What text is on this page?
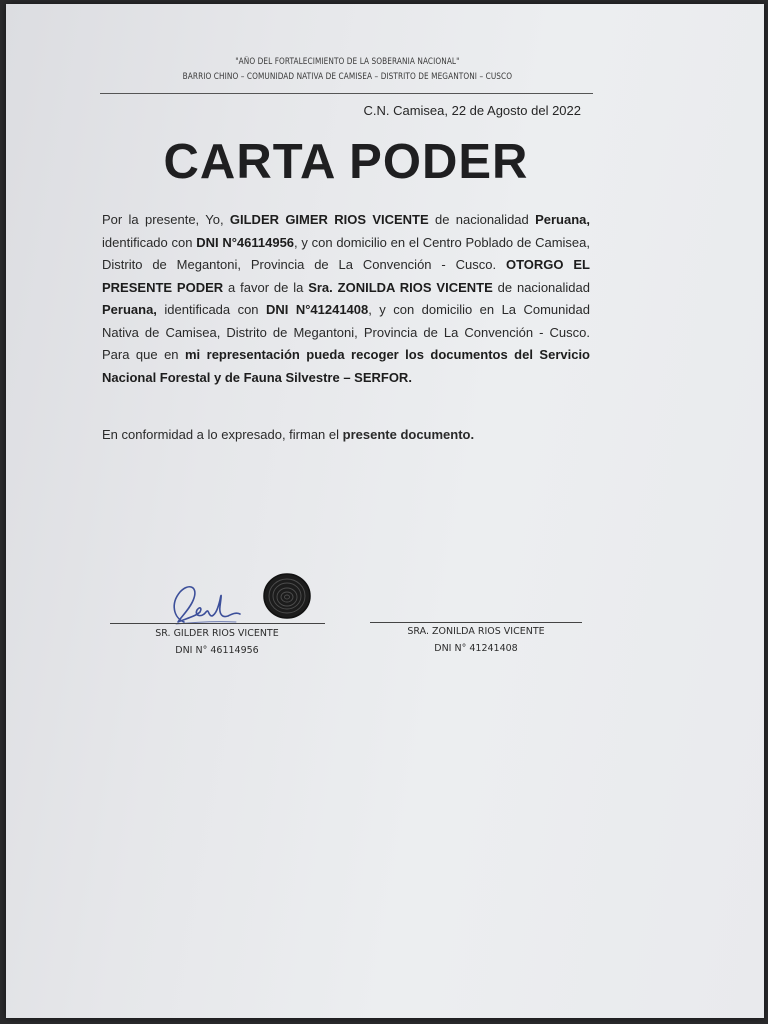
"AÑO DEL FORTALECIMIENTO DE LA SOBERANIA NACIONAL"
BARRIO CHINO – COMUNIDAD NATIVA DE CAMISEA – DISTRITO DE MEGANTONI – CUSCO
C.N. Camisea, 22 de Agosto del 2022
CARTA PODER
Por la presente, Yo, GILDER GIMER RIOS VICENTE de nacionalidad Peruana, identificado con DNI N°46114956, y con domicilio en el Centro Poblado de Camisea, Distrito de Megantoni, Provincia de La Convención - Cusco. OTORGO EL PRESENTE PODER a favor de la Sra. ZONILDA RIOS VICENTE de nacionalidad Peruana, identificada con DNI N°41241408, y con domicilio en La Comunidad Nativa de Camisea, Distrito de Megantoni, Provincia de La Convención - Cusco. Para que en mi representación pueda recoger los documentos del Servicio Nacional Forestal y de Fauna Silvestre – SERFOR.
En conformidad a lo expresado, firman el presente documento.
SR. GILDER RIOS VICENTE
DNI N° 46114956
SRA. ZONILDA RIOS VICENTE
DNI N° 41241408
